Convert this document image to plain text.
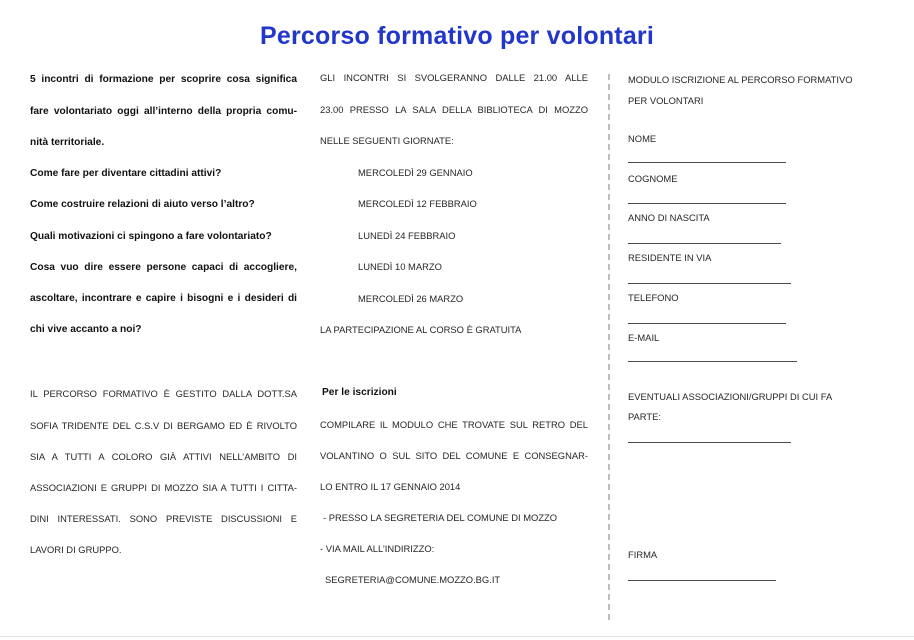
Percorso formativo per volontari
5 incontri di formazione per scoprire cosa significa
fare volontariato oggi all’interno della propria comu-
nità territoriale.
Come fare per diventare cittadini attivi?
Come costruire relazioni di aiuto verso l’altro?
Quali motivazioni ci spingono a fare volontariato?
Cosa vuo dire essere persone capaci di accogliere,
ascoltare, incontrare e capire i bisogni e i desideri di
chi vive accanto a noi?
IL PERCORSO FORMATIVO È GESTITO DALLA DOTT.SA
SOFIA TRIDENTE DEL C.S.V DI BERGAMO ED È RIVOLTO
SIA A TUTTI A COLORO GIÀ ATTIVI NELL’AMBITO DI
ASSOCIAZIONI E GRUPPI DI MOZZO SIA A TUTTI I CITTA-
DINI INTERESSATI. SONO PREVISTE DISCUSSIONI E
LAVORI DI GRUPPO.
GLI INCONTRI SI SVOLGERANNO DALLE 21.00 ALLE
23.00 PRESSO LA SALA DELLA BIBLIOTECA DI MOZZO
NELLE SEGUENTI GIORNATE:
MERCOLEDÌ 29 GENNAIO
MERCOLEDÌ 12 FEBBRAIO
LUNEDÌ 24 FEBBRAIO
LUNEDÌ 10 MARZO
MERCOLEDÌ 26 MARZO
LA PARTECIPAZIONE AL CORSO È GRATUITA
Per le iscrizioni
COMPILARE IL MODULO CHE TROVATE SUL RETRO DEL
VOLANTINO O SUL SITO DEL COMUNE E CONSEGNAR-
LO ENTRO IL 17 GENNAIO 2014
- PRESSO LA SEGRETERIA DEL COMUNE DI MOZZO
- VIA MAIL ALL’INDIRIZZO:
SEGRETERIA@COMUNE.MOZZO.BG.IT
MODULO ISCRIZIONE AL PERCORSO FORMATIVO
PER VOLONTARI
NOME
COGNOME
ANNO DI NASCITA
RESIDENTE IN VIA
TELEFONO
E-MAIL
EVENTUALI ASSOCIAZIONI/GRUPPI DI CUI FA
PARTE:
FIRMA
